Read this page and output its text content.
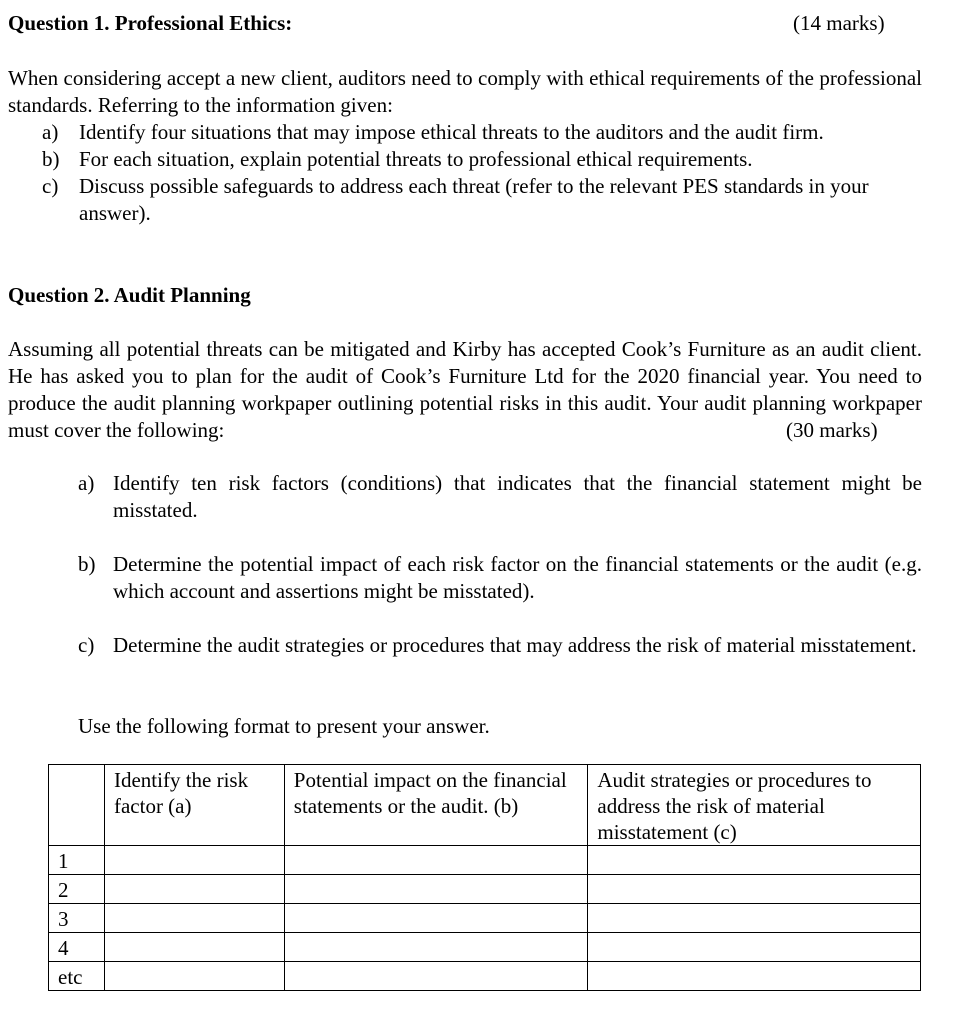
Question 1. Professional Ethics:	(14 marks)
When considering accept a new client, auditors need to comply with ethical requirements of the professional standards. Referring to the information given:
a) Identify four situations that may impose ethical threats to the auditors and the audit firm.
b) For each situation, explain potential threats to professional ethical requirements.
c) Discuss possible safeguards to address each threat (refer to the relevant PES standards in your answer).
Question 2. Audit Planning
Assuming all potential threats can be mitigated and Kirby has accepted Cook’s Furniture as an audit client. He has asked you to plan for the audit of Cook’s Furniture Ltd for the 2020 financial year. You need to produce the audit planning workpaper outlining potential risks in this audit. Your audit planning workpaper must cover the following:	(30 marks)
a) Identify ten risk factors (conditions) that indicates that the financial statement might be misstated.
b) Determine the potential impact of each risk factor on the financial statements or the audit (e.g. which account and assertions might be misstated).
c) Determine the audit strategies or procedures that may address the risk of material misstatement.
Use the following format to present your answer.
	Identify the risk factor (a)	Potential impact on the financial statements or the audit. (b)	Audit strategies or procedures to address the risk of material misstatement (c)
1			
2			
3			
4			
etc			
